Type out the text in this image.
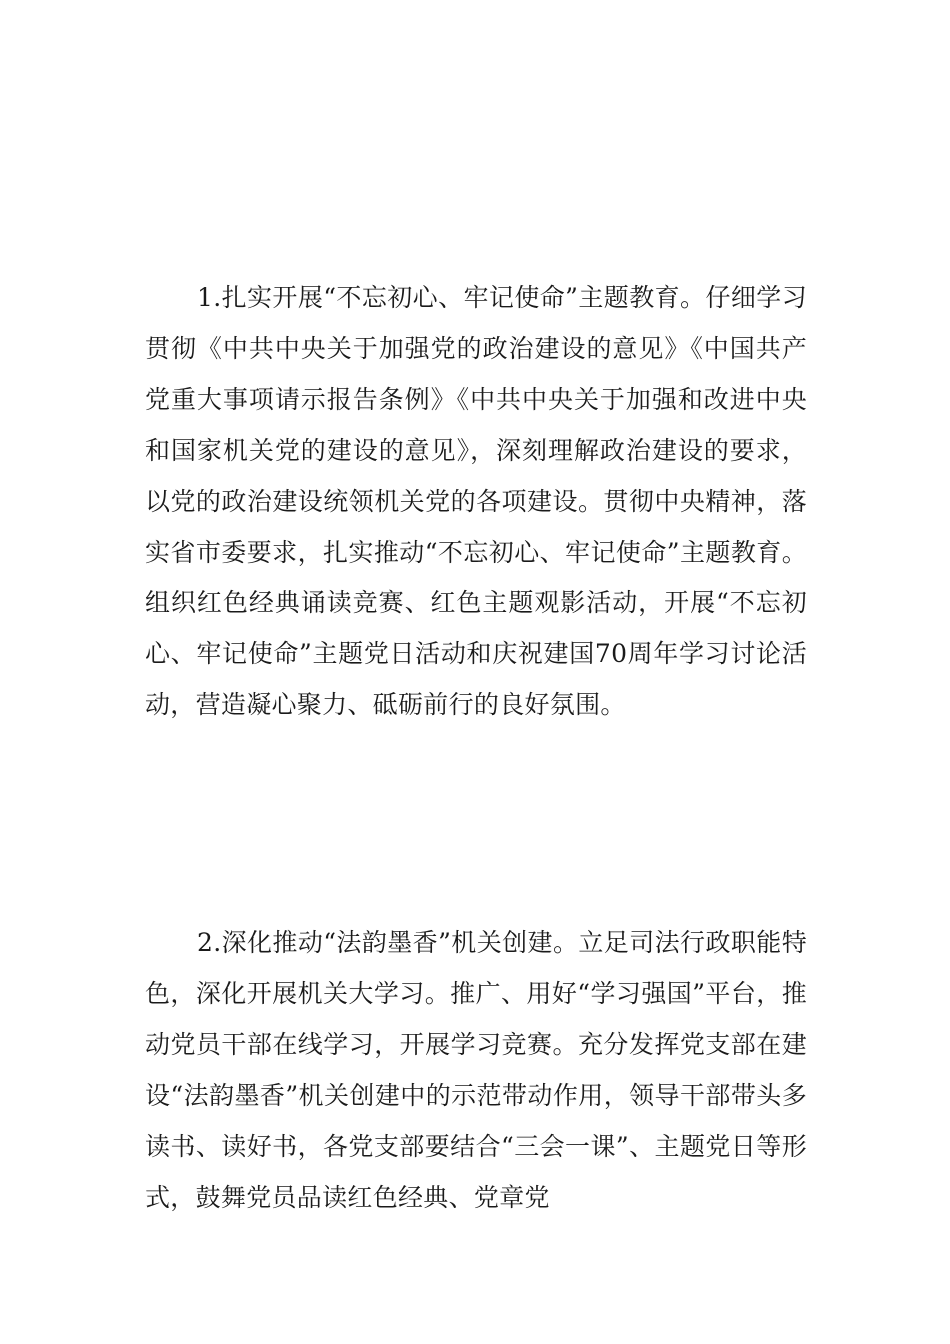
1.扎实开展“不忘初心、牢记使命”主题教育。仔细学习贯彻《中共中央关于加强党的政治建设的意见》《中国共产党重大事项请示报告条例》《中共中央关于加强和改进中央和国家机关党的建设的意见》，深刻理解政治建设的要求，以党的政治建设统领机关党的各项建设。贯彻中央精神，落实省市委要求，扎实推动“不忘初心、牢记使命”主题教育。组织红色经典诵读竞赛、红色主题观影活动，开展“不忘初心、牢记使命”主题党日活动和庆祝建国70周年学习讨论活动，营造凝心聚力、砥砺前行的良好氛围。

2.深化推动“法韵墨香”机关创建。立足司法行政职能特色，深化开展机关大学习。推广、用好“学习强国”平台，推动党员干部在线学习，开展学习竞赛。充分发挥党支部在建设“法韵墨香”机关创建中的示范带动作用，领导干部带头多读书、读好书，各党支部要结合“三会一课”、主题党日等形式，鼓舞党员品读红色经典、党章党
